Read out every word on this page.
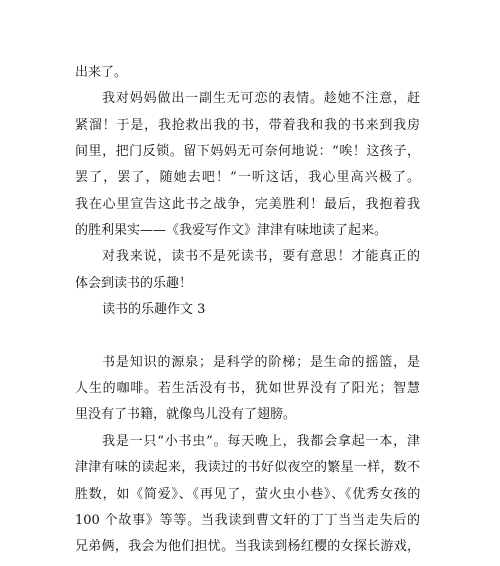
出来了。
我对妈妈做出一副生无可恋的表情。趁她不注意，赶
紧溜！于是，我抢救出我的书，带着我和我的书来到我房
间里，把门反锁。留下妈妈无可奈何地说：“唉！这孩子，
罢了，罢了，随她去吧！”一听这话，我心里高兴极了。
我在心里宣告这此书之战争，完美胜利！最后，我抱着我
的胜利果实——《我爱写作文》津津有味地读了起来。
对我来说，读书不是死读书，要有意思！才能真正的
体会到读书的乐趣！
读书的乐趣作文 3
书是知识的源泉；是科学的阶梯；是生命的摇篮，是
人生的咖啡。若生活没有书，犹如世界没有了阳光；智慧
里没有了书籍，就像鸟儿没有了翅膀。
我是一只“小书虫”。每天晚上，我都会拿起一本，津
津津有味的读起来，我读过的书好似夜空的繁星一样，数不
胜数，如《简爱》、《再见了，萤火虫小巷》、《优秀女孩的
100 个故事》等等。当我读到曹文轩的丁丁当当走失后的
兄弟俩，我会为他们担忧。当我读到杨红樱的女探长游戏，
